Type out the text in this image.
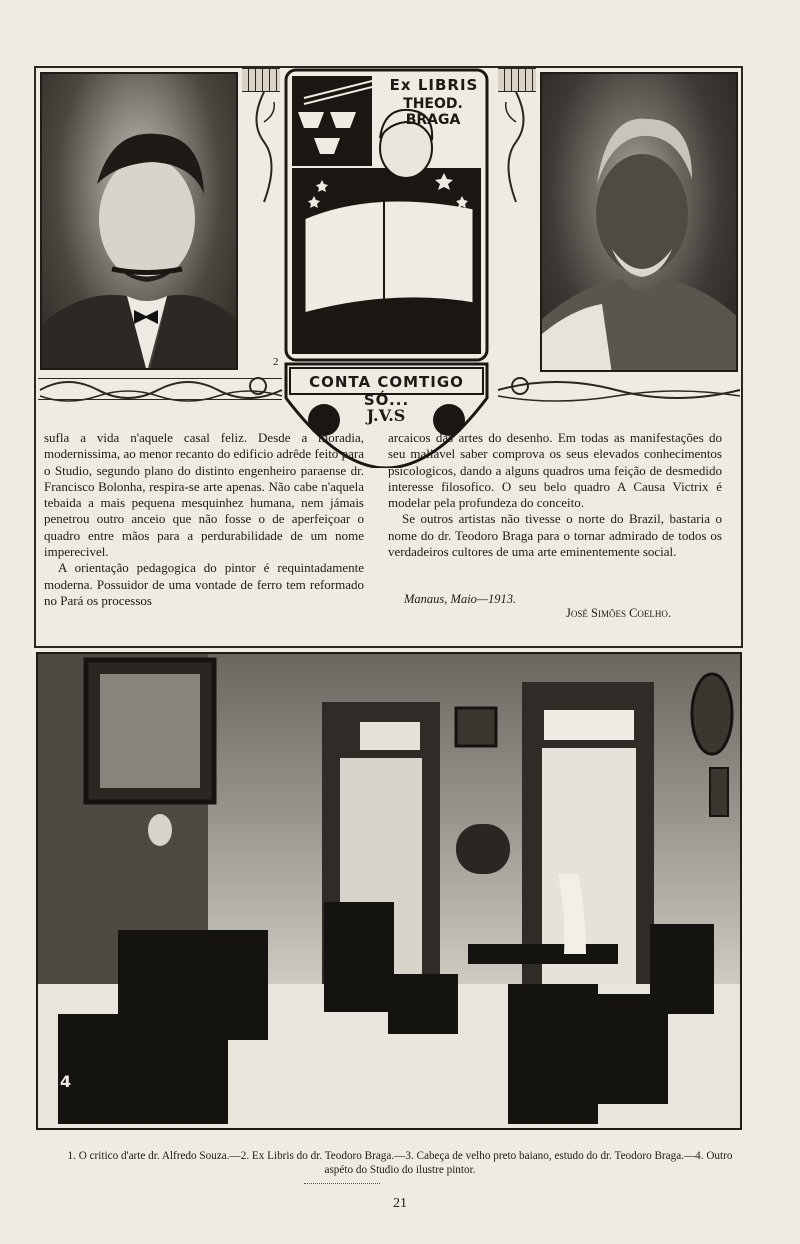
Ex LIBRIS
THEOD. BRAGA
CONTA COMTIGO SÓ...
J.V.S
2	3

sufla a vida n'aquele casal feliz. Desde a moradia, modernissima, ao menor recanto do edificio adrêde feito para o Studio, segundo plano do distinto engenheiro paraense dr. Francisco Bolonha, respira-se arte apenas. Não cabe n'aquela tebaida a mais pequena mesquinhez humana, nem jámais penetrou outro anceio que não fosse o de aperfeiçoar o quadro entre mãos para a perdurabilidade de um nome imperecivel.

A orientação pedagogica do pintor é requintadamente moderna. Possuidor de uma vontade de ferro tem reformado no Pará os processos

arcaicos das artes do desenho. Em todas as manifestações do seu maliavel saber comprova os seus elevados conhecimentos psicologicos, dando a alguns quadros uma feição de desmedido interesse filosofico. O seu belo quadro A Causa Victrix é modelar pela profundeza do conceito.

Se outros artistas não tivesse o norte do Brazil, bastaria o nome do dr. Teodoro Braga para o tornar admirado de todos os verdadeiros cultores de uma arte eminentemente social.

Manaus, Maio—1913.
José Simões Coelho.
4
1. O critico d'arte dr. Alfredo Souza.—2. Ex Libris do dr. Teodoro Braga.—3. Cabeça de velho preto baiano, estudo do dr. Teodoro Braga.—4. Outro aspéto do Studio do ilustre pintor.
21
